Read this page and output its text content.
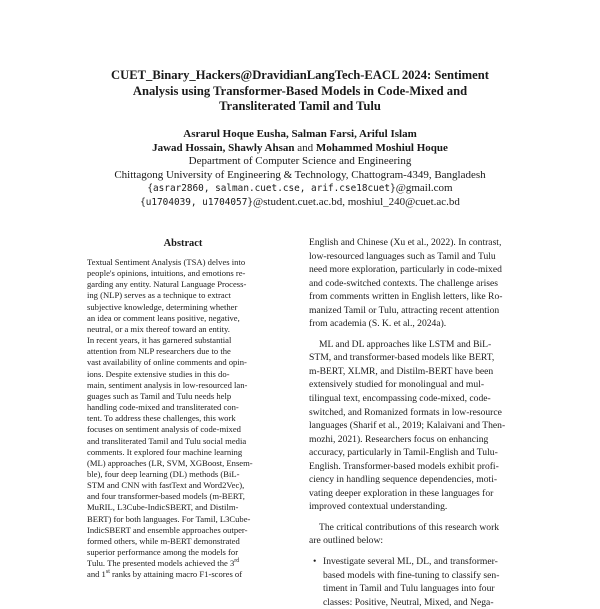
CUET_Binary_Hackers@DravidianLangTech-EACL 2024: Sentiment
Analysis using Transformer-Based Models in Code-Mixed and
Transliterated Tamil and Tulu
Asrarul Hoque Eusha, Salman Farsi, Ariful Islam
Jawad Hossain, Shawly Ahsan and Mohammed Moshiul Hoque
Department of Computer Science and Engineering
Chittagong University of Engineering & Technology, Chattogram-4349, Bangladesh
{asrar2860, salman.cuet.cse, arif.cse18cuet}@gmail.com
{u1704039, u1704057}@student.cuet.ac.bd, moshiul_240@cuet.ac.bd
Abstract
Textual Sentiment Analysis (TSA) delves into
people's opinions, intuitions, and emotions re-
garding any entity. Natural Language Process-
ing (NLP) serves as a technique to extract
subjective knowledge, determining whether
an idea or comment leans positive, negative,
neutral, or a mix thereof toward an entity.
In recent years, it has garnered substantial
attention from NLP researchers due to the
vast availability of online comments and opin-
ions. Despite extensive studies in this do-
main, sentiment analysis in low-resourced lan-
guages such as Tamil and Tulu needs help
handling code-mixed and transliterated con-
tent. To address these challenges, this work
focuses on sentiment analysis of code-mixed
and transliterated Tamil and Tulu social media
comments. It explored four machine learning
(ML) approaches (LR, SVM, XGBoost, Ensem-
ble), four deep learning (DL) methods (BiL-
STM and CNN with fastText and Word2Vec),
and four transformer-based models (m-BERT,
MuRIL, L3Cube-IndicSBERT, and Distilm-
BERT) for both languages. For Tamil, L3Cube-
IndicSBERT and ensemble approaches outper-
formed others, while m-BERT demonstrated
superior performance among the models for
Tulu. The presented models achieved the 3rd

and 1st ranks by attaining macro F1-scores of
English and Chinese (Xu et al., 2022). In contrast,
low-resourced languages such as Tamil and Tulu
need more exploration, particularly in code-mixed
and code-switched contexts. The challenge arises
from comments written in English letters, like Ro-
manized Tamil or Tulu, attracting recent attention
from academia (S. K. et al., 2024a).
ML and DL approaches like LSTM and BiL-
STM, and transformer-based models like BERT,
m-BERT, XLMR, and Distilm-BERT have been
extensively studied for monolingual and mul-
tilingual text, encompassing code-mixed, code-
switched, and Romanized formats in low-resource
languages (Sharif et al., 2019; Kalaivani and Then-
mozhi, 2021). Researchers focus on enhancing
accuracy, particularly in Tamil-English and Tulu-
English. Transformer-based models exhibit profi-
ciency in handling sequence dependencies, moti-
vating deeper exploration in these languages for
improved contextual understanding.
The critical contributions of this research work
are outlined below:
• Investigate several ML, DL, and transformer-
based models with fine-tuning to classify sen-
timent in Tamil and Tulu languages into four
classes: Positive, Neutral, Mixed, and Nega-
